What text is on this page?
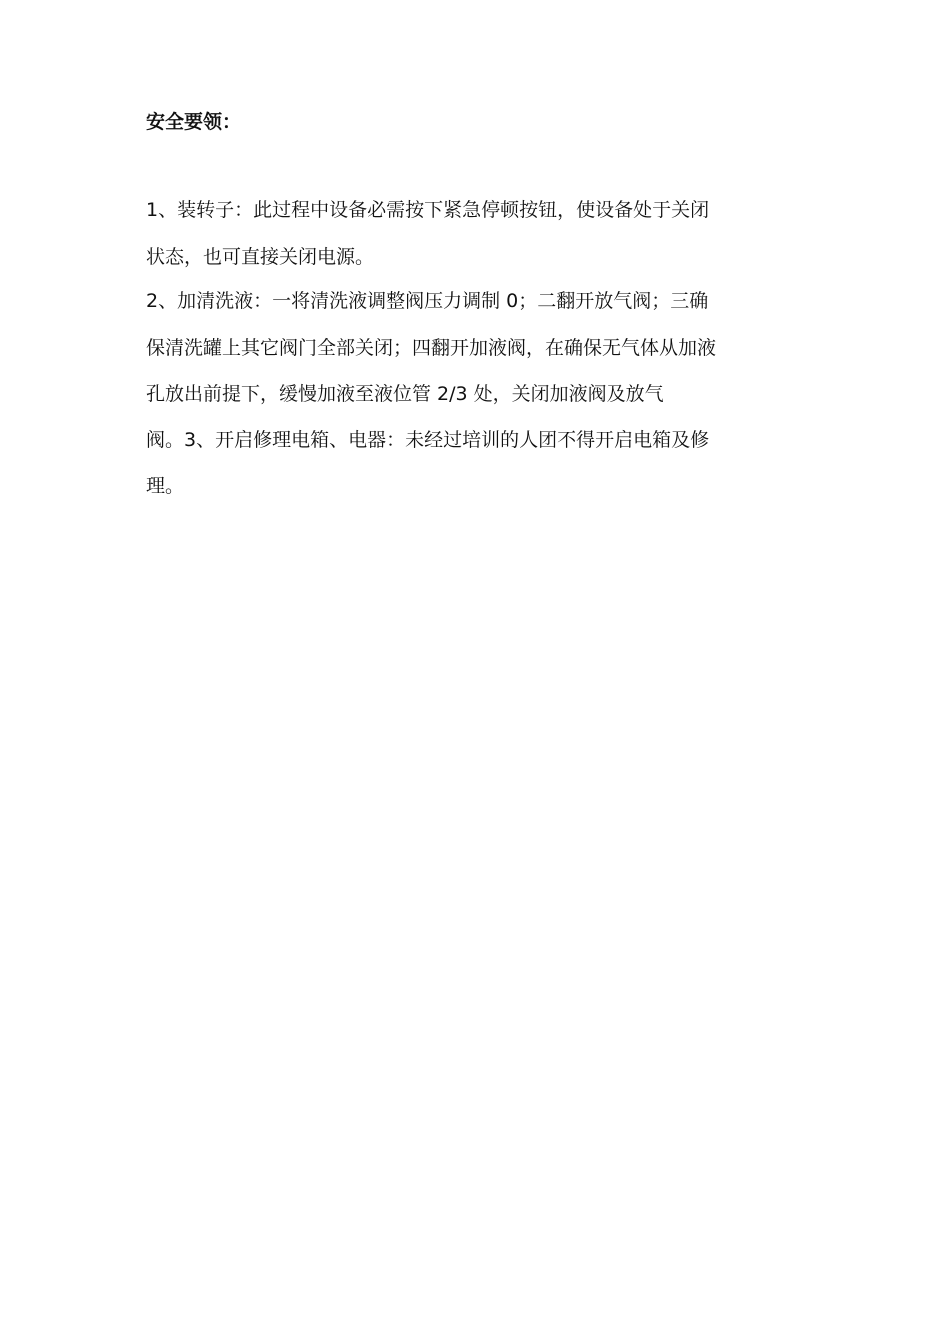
安全要领：
1、装转子：此过程中设备必需按下紧急停顿按钮，使设备处于关闭
状态，也可直接关闭电源。
2、加清洗液：一将清洗液调整阀压力调制 0；二翻开放气阀；三确
保清洗罐上其它阀门全部关闭；四翻开加液阀，在确保无气体从加液
孔放出前提下，缓慢加液至液位管 2/3 处，关闭加液阀及放气
阀。3、开启修理电箱、电器：未经过培训的人团不得开启电箱及修
理。
